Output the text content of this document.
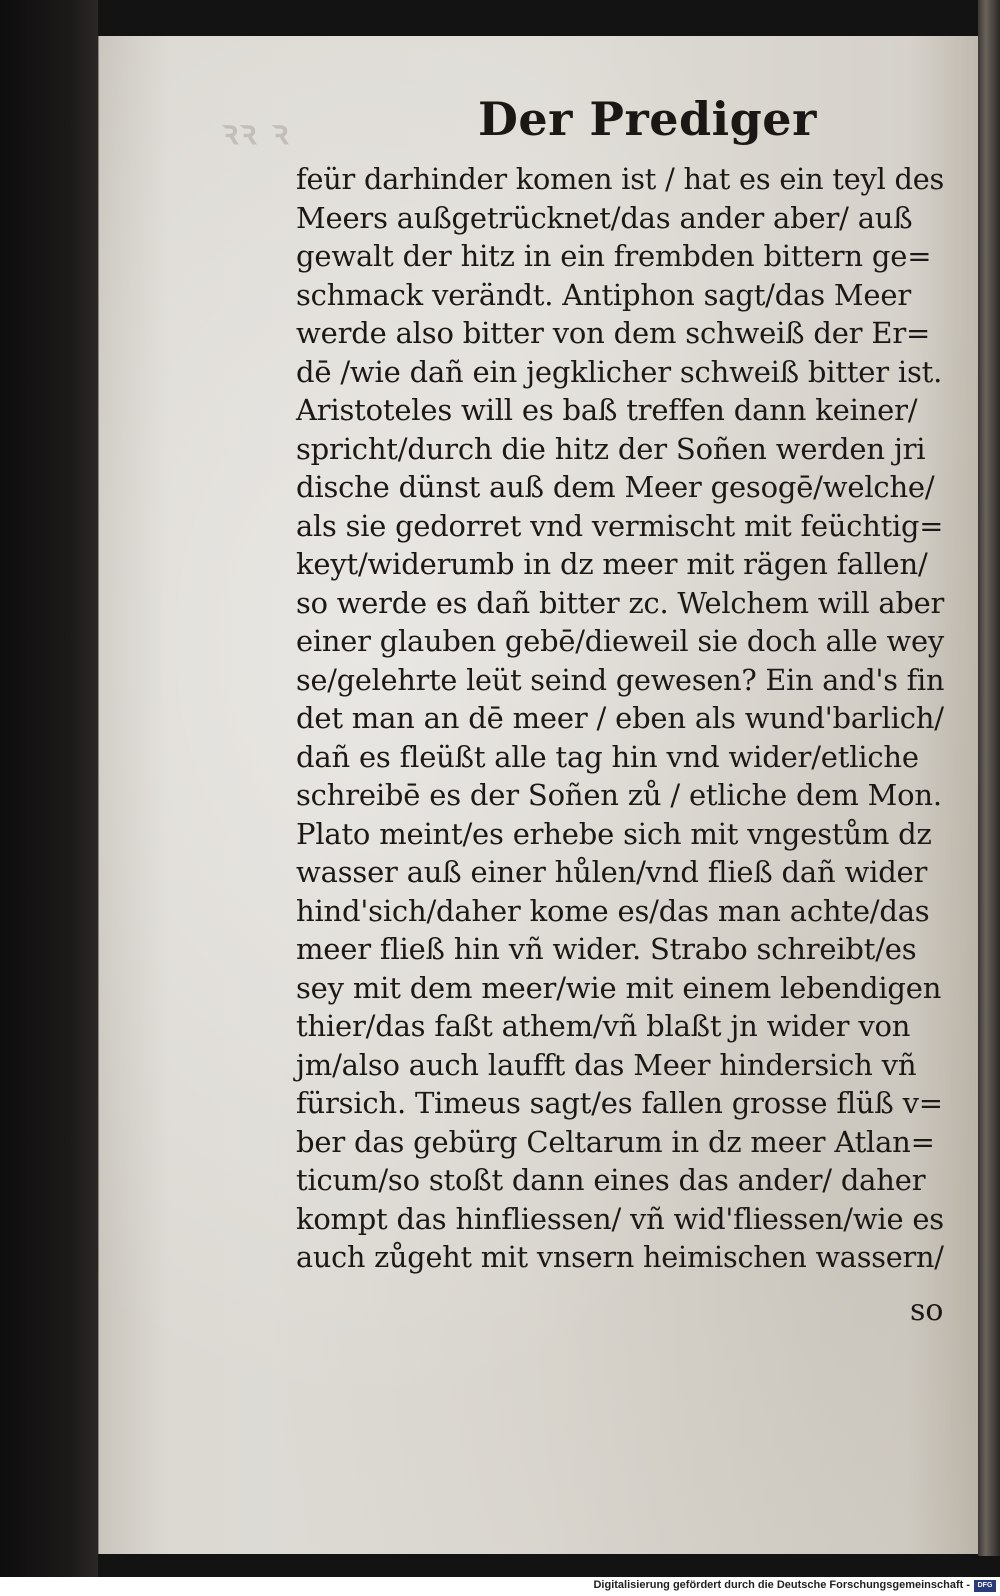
ꝛꝛ ꝛ	Der Prediger
feür darhinder komen ist / hat es ein teyl des
Meers außgetrücknet/das ander aber/ auß
gewalt der hitz in ein frembden bittern ge=
schmack verändt. Antiphon sagt/das Meer
werde also bitter von dem schweiß der Er=
dē /wie dañ ein jegklicher schweiß bitter ist.
Aristoteles will es baß treffen dann keiner/
spricht/durch die hitz der Soñen werden jri
dische dünst auß dem Meer gesogē/welche/
als sie gedorret vnd vermischt mit feüchtig=
keyt/widerumb in dz meer mit rägen fallen/
so werde es dañ bitter zc. Welchem will aber
einer glauben gebē/dieweil sie doch alle wey
se/gelehrte leüt seind gewesen? Ein and's fin
det man an dē meer / eben als wund'barlich/
dañ es fleüßt alle tag hin vnd wider/etliche
schreibē es der Soñen zů / etliche dem Mon.
Plato meint/es erhebe sich mit vngestům dz
wasser auß einer hůlen/vnd fließ dañ wider
hind'sich/daher kome es/das man achte/das
meer fließ hin vñ wider. Strabo schreibt/es
sey mit dem meer/wie mit einem lebendigen
thier/das faßt athem/vñ blaßt jn wider von
jm/also auch laufft das Meer hindersich vñ
fürsich. Timeus sagt/es fallen grosse flüß v=
ber das gebürg Celtarum in dz meer Atlan=
ticum/so stoßt dann eines das ander/ daher
kompt das hinfliessen/ vñ wid'fliessen/wie es
auch zůgeht mit vnsern heimischen wassern/
so
Digitalisierung gefördert durch die Deutsche Forschungsgemeinschaft -	DFG
